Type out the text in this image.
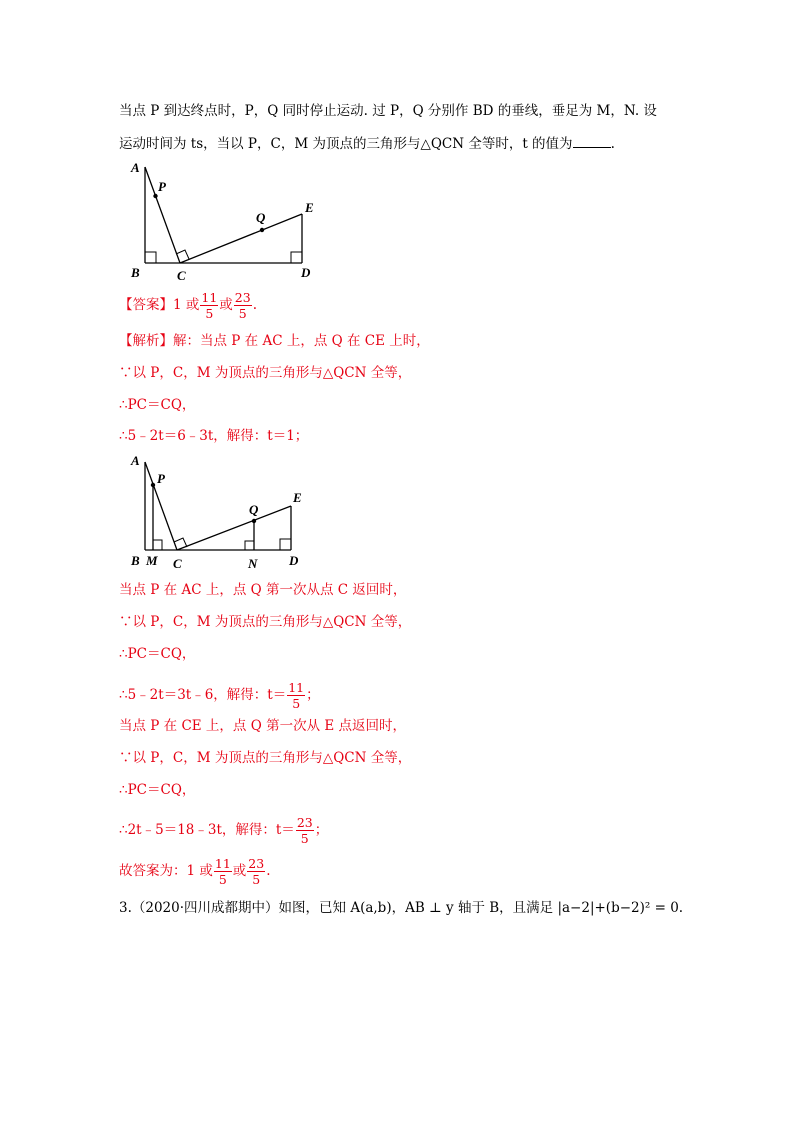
当点 P 到达终点时，P，Q 同时停止运动. 过 P，Q 分别作 BD 的垂线，垂足为 M，N. 设
运动时间为 ts，当以 P，C，M 为顶点的三角形与△QCN 全等时，t 的值为	.
A
P
Q
E
B	C	D
【答案】1 或 $\frac{11}{5}$ 或 $\frac{23}{5}$ .
【解析】解：当点 P 在 AC 上，点 Q 在 CE 上时，
∵以 P，C，M 为顶点的三角形与△QCN 全等，
∴PC＝CQ，
∴5﹣2t＝6﹣3t，解得：t＝1；
A
P
Q
E
B M C	N D
当点 P 在 AC 上，点 Q 第一次从点 C 返回时，
∵以 P，C，M 为顶点的三角形与△QCN 全等，
∴PC＝CQ，
∴5﹣2t＝3t﹣6，解得：$t= \frac{11}{5}$ ；
当点 P 在 CE 上，点 Q 第一次从 E 点返回时，
∵以 P，C，M 为顶点的三角形与△QCN 全等，
∴PC＝CQ，
∴2t﹣5＝18﹣3t，解得：$t= \frac{23}{5}$ ；
故答案为：1 或 $\frac{11}{5}$ 或 $\frac{23}{5}$ .
3.（2020·四川成都期中）如图，已知 A(a,b)，AB ⊥ y 轴于 B，且满足 |a−2|+(b−2)² = 0.
